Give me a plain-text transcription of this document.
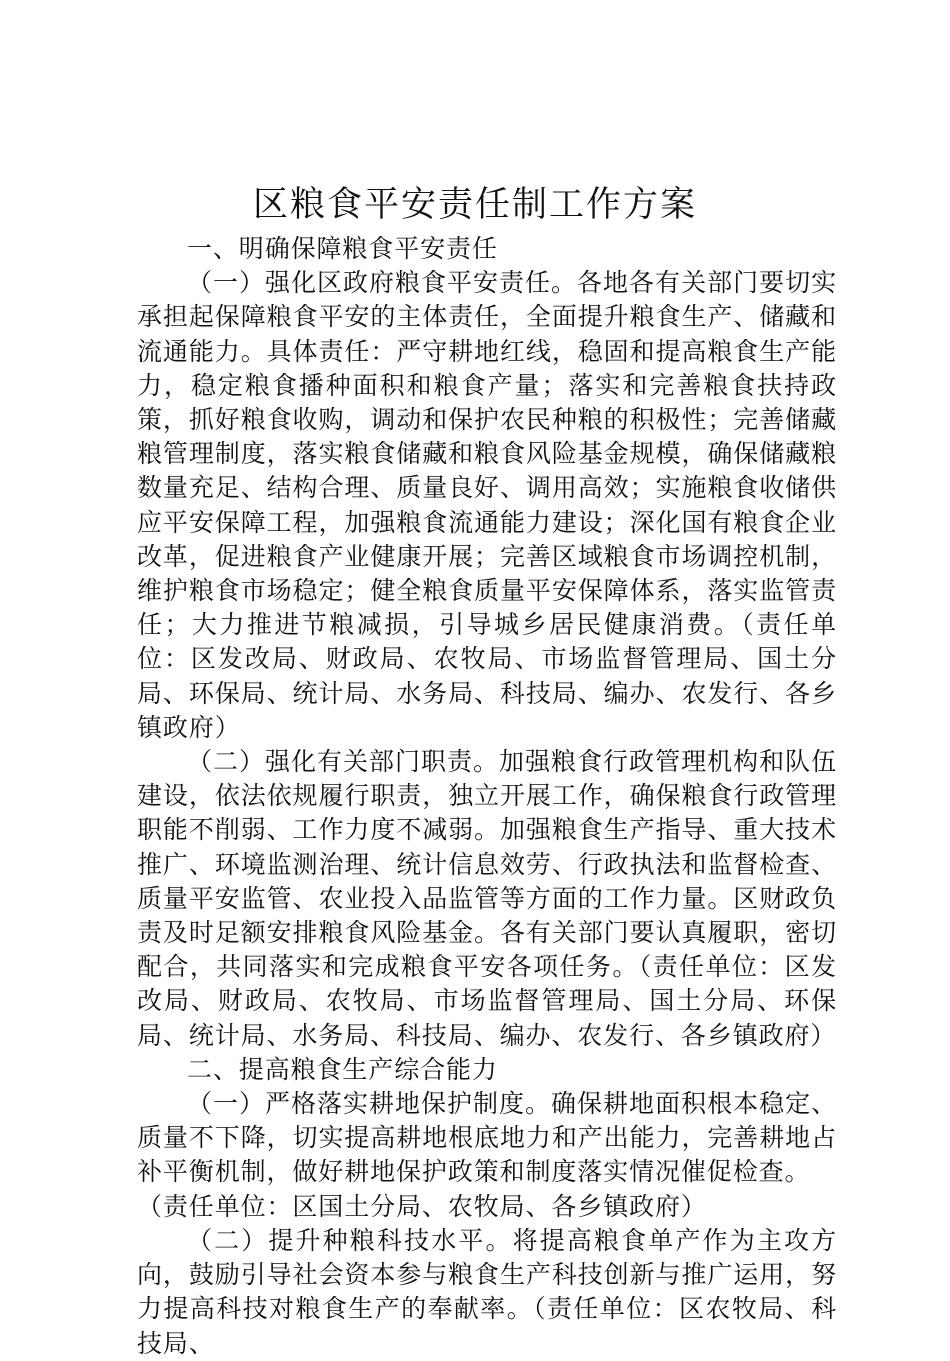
区粮食平安责任制工作方案

一、明确保障粮食平安责任

（一）强化区政府粮食平安责任。各地各有关部门要切实承担起保障粮食平安的主体责任，全面提升粮食生产、储藏和流通能力。具体责任：严守耕地红线，稳固和提高粮食生产能力，稳定粮食播种面积和粮食产量；落实和完善粮食扶持政策，抓好粮食收购，调动和保护农民种粮的积极性；完善储藏粮管理制度，落实粮食储藏和粮食风险基金规模，确保储藏粮数量充足、结构合理、质量良好、调用高效；实施粮食收储供应平安保障工程，加强粮食流通能力建设；深化国有粮食企业改革，促进粮食产业健康开展；完善区域粮食市场调控机制，维护粮食市场稳定；健全粮食质量平安保障体系，落实监管责任；大力推进节粮减损，引导城乡居民健康消费。（责任单位：区发改局、财政局、农牧局、市场监督管理局、国土分局、环保局、统计局、水务局、科技局、编办、农发行、各乡镇政府）

（二）强化有关部门职责。加强粮食行政管理机构和队伍建设，依法依规履行职责，独立开展工作，确保粮食行政管理职能不削弱、工作力度不减弱。加强粮食生产指导、重大技术推广、环境监测治理、统计信息效劳、行政执法和监督检查、质量平安监管、农业投入品监管等方面的工作力量。区财政负责及时足额安排粮食风险基金。各有关部门要认真履职，密切配合，共同落实和完成粮食平安各项任务。（责任单位：区发改局、财政局、农牧局、市场监督管理局、国土分局、环保局、统计局、水务局、科技局、编办、农发行、各乡镇政府）

二、提高粮食生产综合能力

（一）严格落实耕地保护制度。确保耕地面积根本稳定、质量不下降，切实提高耕地根底地力和产出能力，完善耕地占补平衡机制，做好耕地保护政策和制度落实情况催促检查。

（责任单位：区国土分局、农牧局、各乡镇政府）

（二）提升种粮科技水平。将提高粮食单产作为主攻方向，鼓励引导社会资本参与粮食生产科技创新与推广运用，努力提高科技对粮食生产的奉献率。（责任单位：区农牧局、科技局、
